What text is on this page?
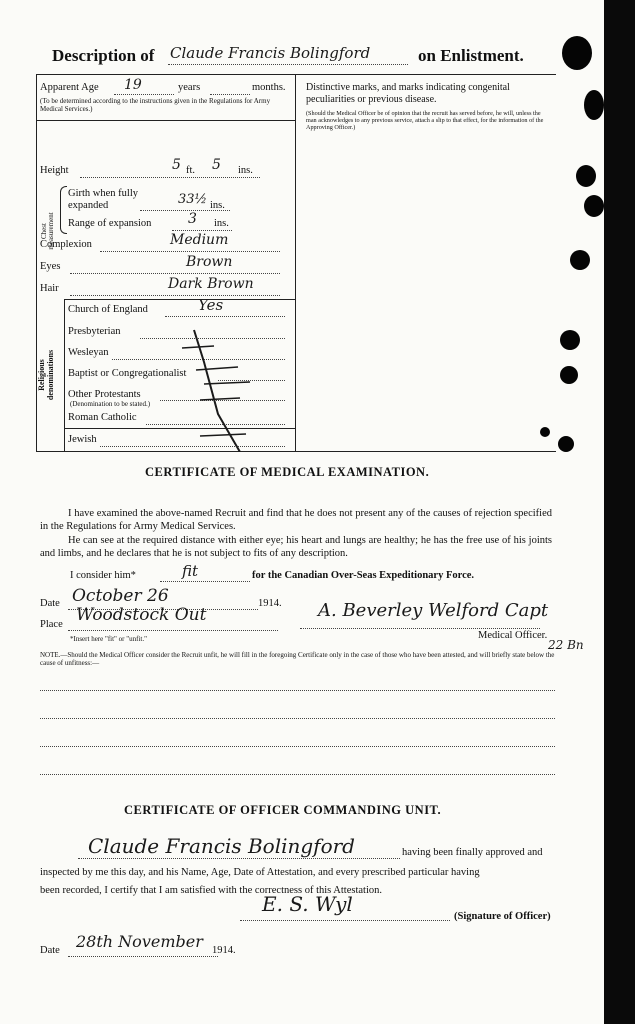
Description of Claude Francis Bolingford	on Enlistment.
Apparent Age 19	years	months.
(To be determined according to the instructions given in the Regulations for Army Medical Services.)
Distinctive marks, and marks indicating congenital peculiarities or previous disease.
(Should the Medical Officer be of opinion that the recruit has served before, he will, unless the man acknowledges to any previous service, attach a slip to that effect, for the information of the Approving Officer.)
Height	5 ft. 5 ins.
Chest measurement
Girth when fully expanded	33½ ins.
Range of expansion	3 ins.
Complexion	Medium
Eyes	Brown
Hair	Dark Brown
Religious denominations
Church of England	Yes
Presbyterian
Wesleyan
Baptist or Congregationalist
Other Protestants
(Denomination to be stated.)
Roman Catholic
Jewish
CERTIFICATE OF MEDICAL EXAMINATION.
I have examined the above-named Recruit and find that he does not present any of the causes of rejection specified in the Regulations for Army Medical Services.
He can see at the required distance with either eye; his heart and lungs are healthy; he has the free use of his joints and limbs, and he declares that he is not subject to fits of any description.
I consider him*	fit	for the Canadian Over-Seas Expeditionary Force.
Date October 26	1914.
Place Woodstock Out	A. Beverley Welford Capt
Medical Officer.
22 Bn
*Insert here "fit" or "unfit."
NOTE.—Should the Medical Officer consider the Recruit unfit, he will fill in the foregoing Certificate only in the case of those who have been attested, and will briefly state below the cause of unfitness:—
CERTIFICATE OF OFFICER COMMANDING UNIT.
Claude Francis Bolingford	having been finally approved and
inspected by me this day, and his Name, Age, Date of Attestation, and every prescribed particular having
been recorded, I certify that I am satisfied with the correctness of this Attestation.
E. S. Wyl
(Signature of Officer)
Date 28th November 1914.
